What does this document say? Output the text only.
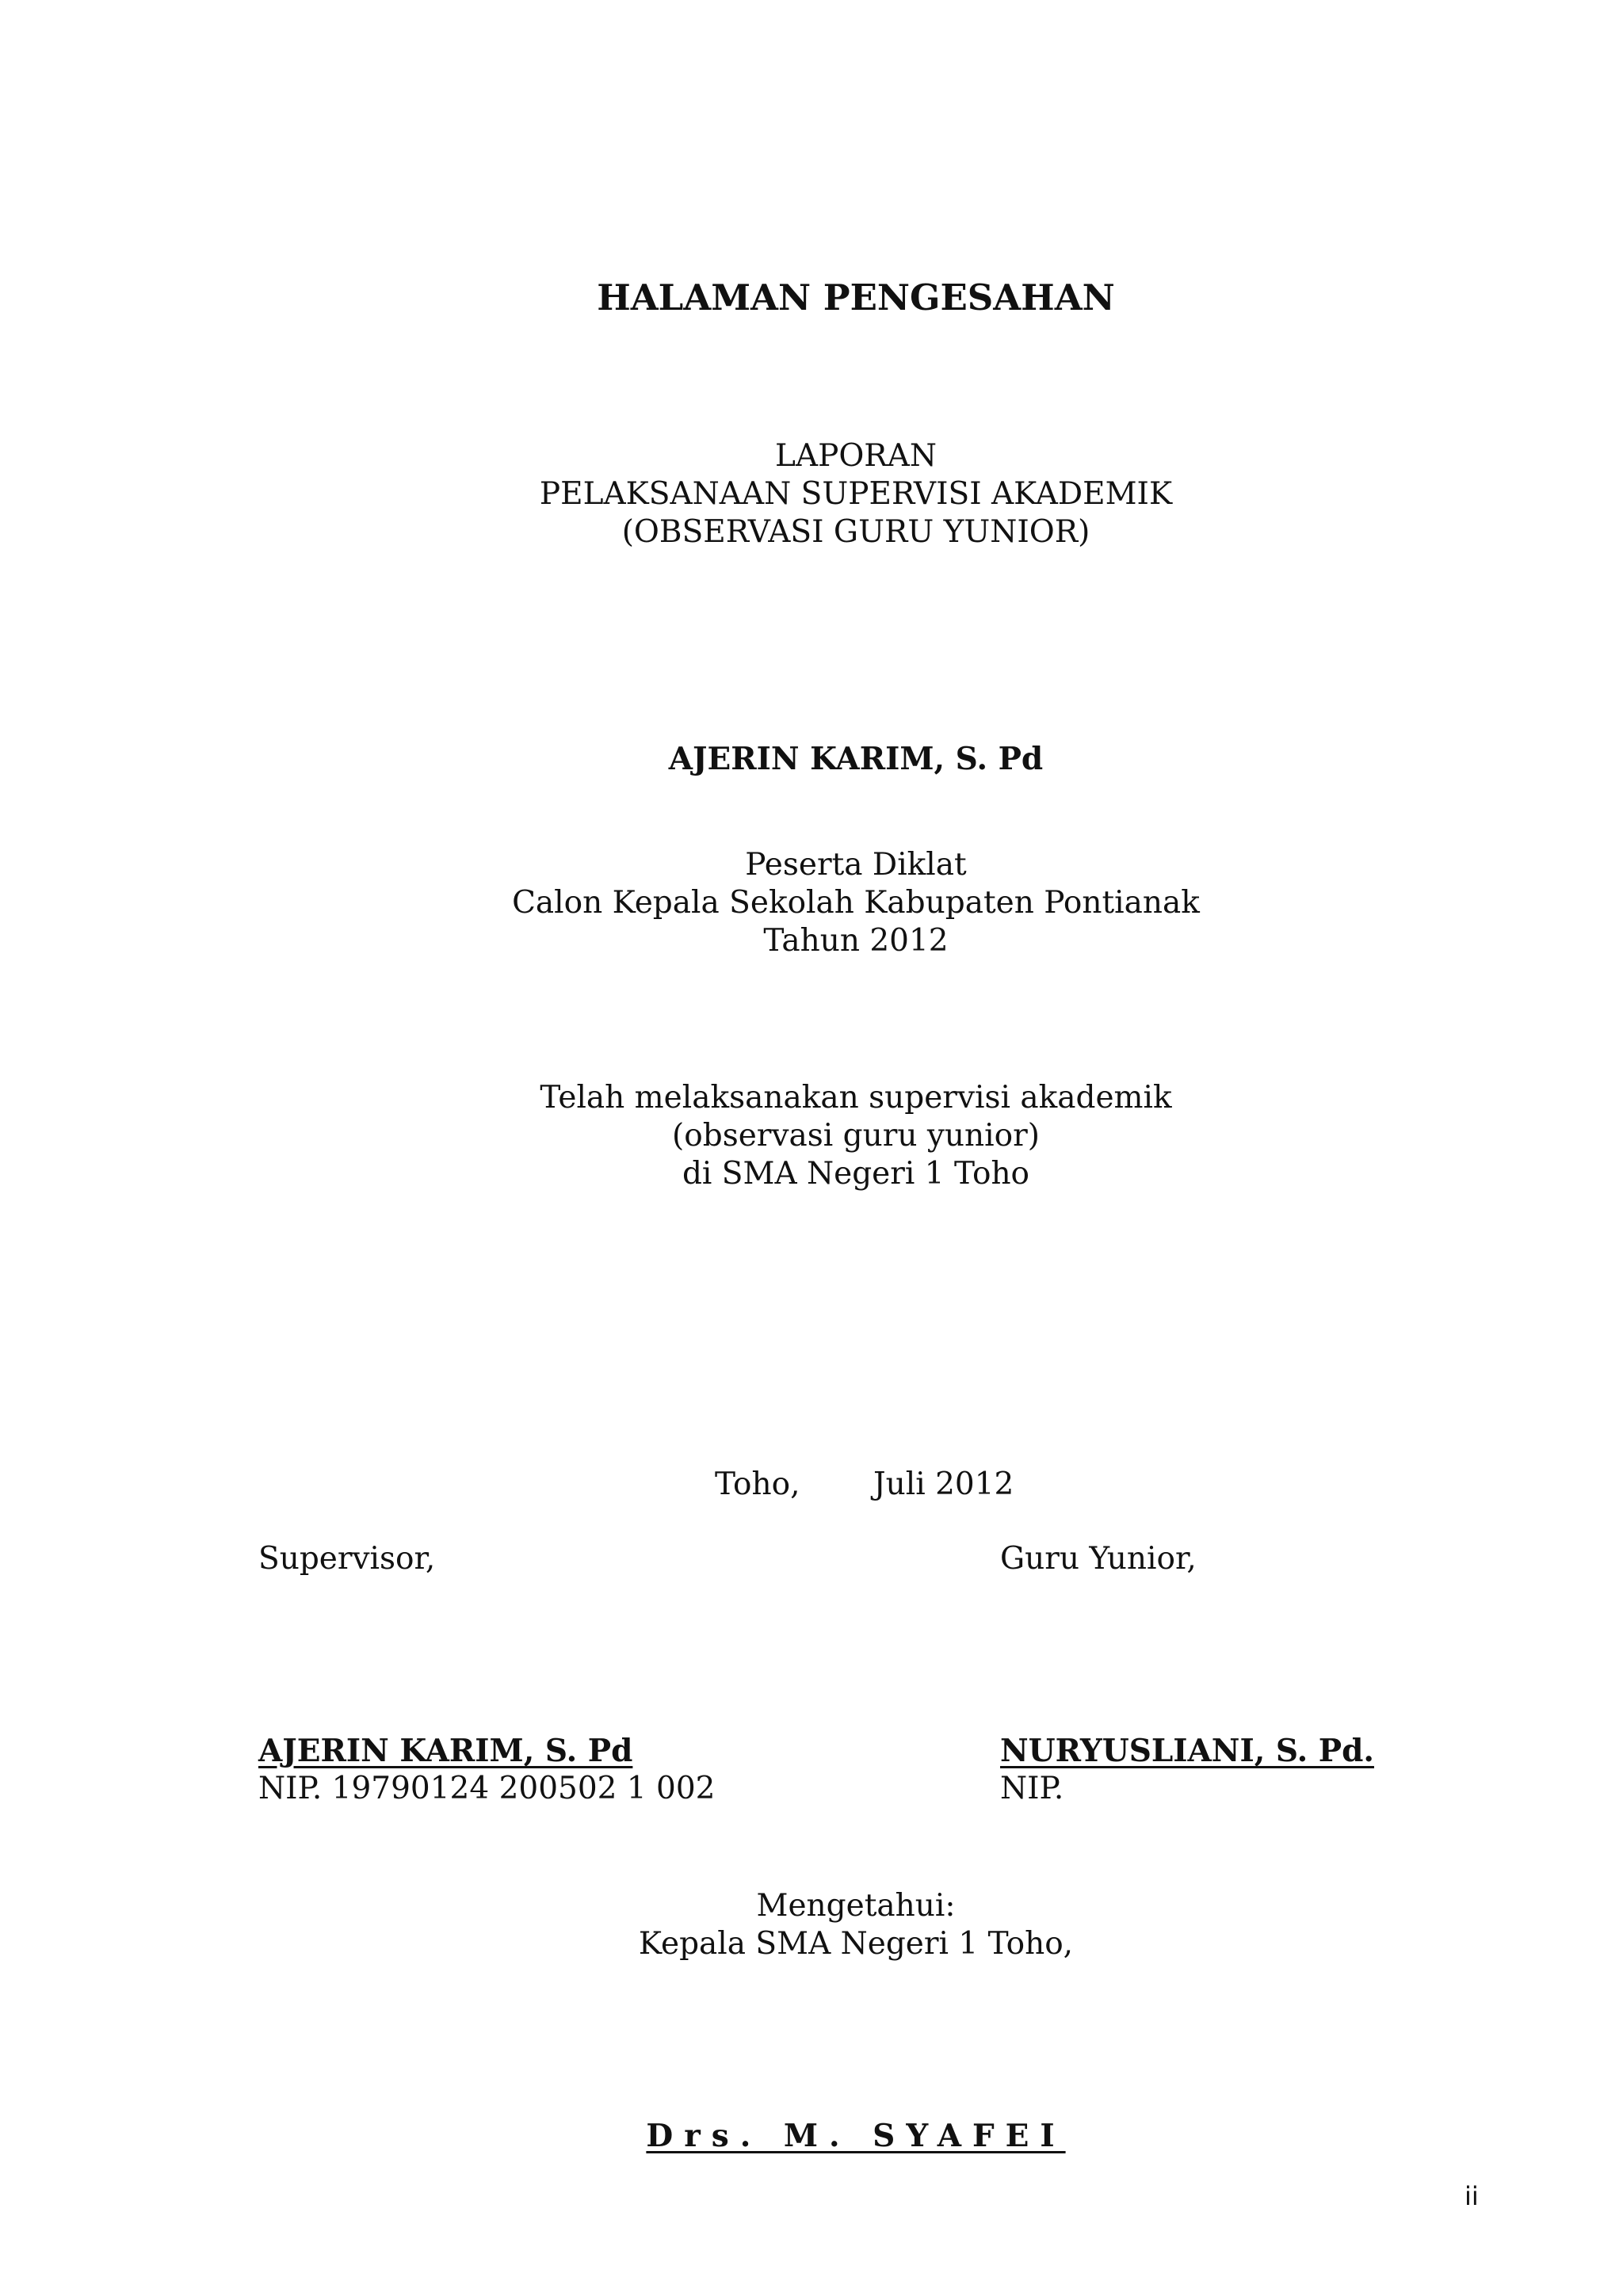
HALAMAN PENGESAHAN
LAPORAN
PELAKSANAAN SUPERVISI AKADEMIK
(OBSERVASI GURU YUNIOR)
AJERIN KARIM, S. Pd
Peserta Diklat
Calon Kepala Sekolah Kabupaten Pontianak
Tahun 2012
Telah melaksanakan supervisi akademik
(observasi guru yunior)
di SMA Negeri 1 Toho
Toho, Juli 2012
Supervisor,	Guru Yunior,
AJERIN KARIM, S. Pd
NIP. 19790124 200502 1 002
NURYUSLIANI, S. Pd.
NIP.
Mengetahui:
Kepala SMA Negeri 1 Toho,
Drs. M. SYAFEI
ii
